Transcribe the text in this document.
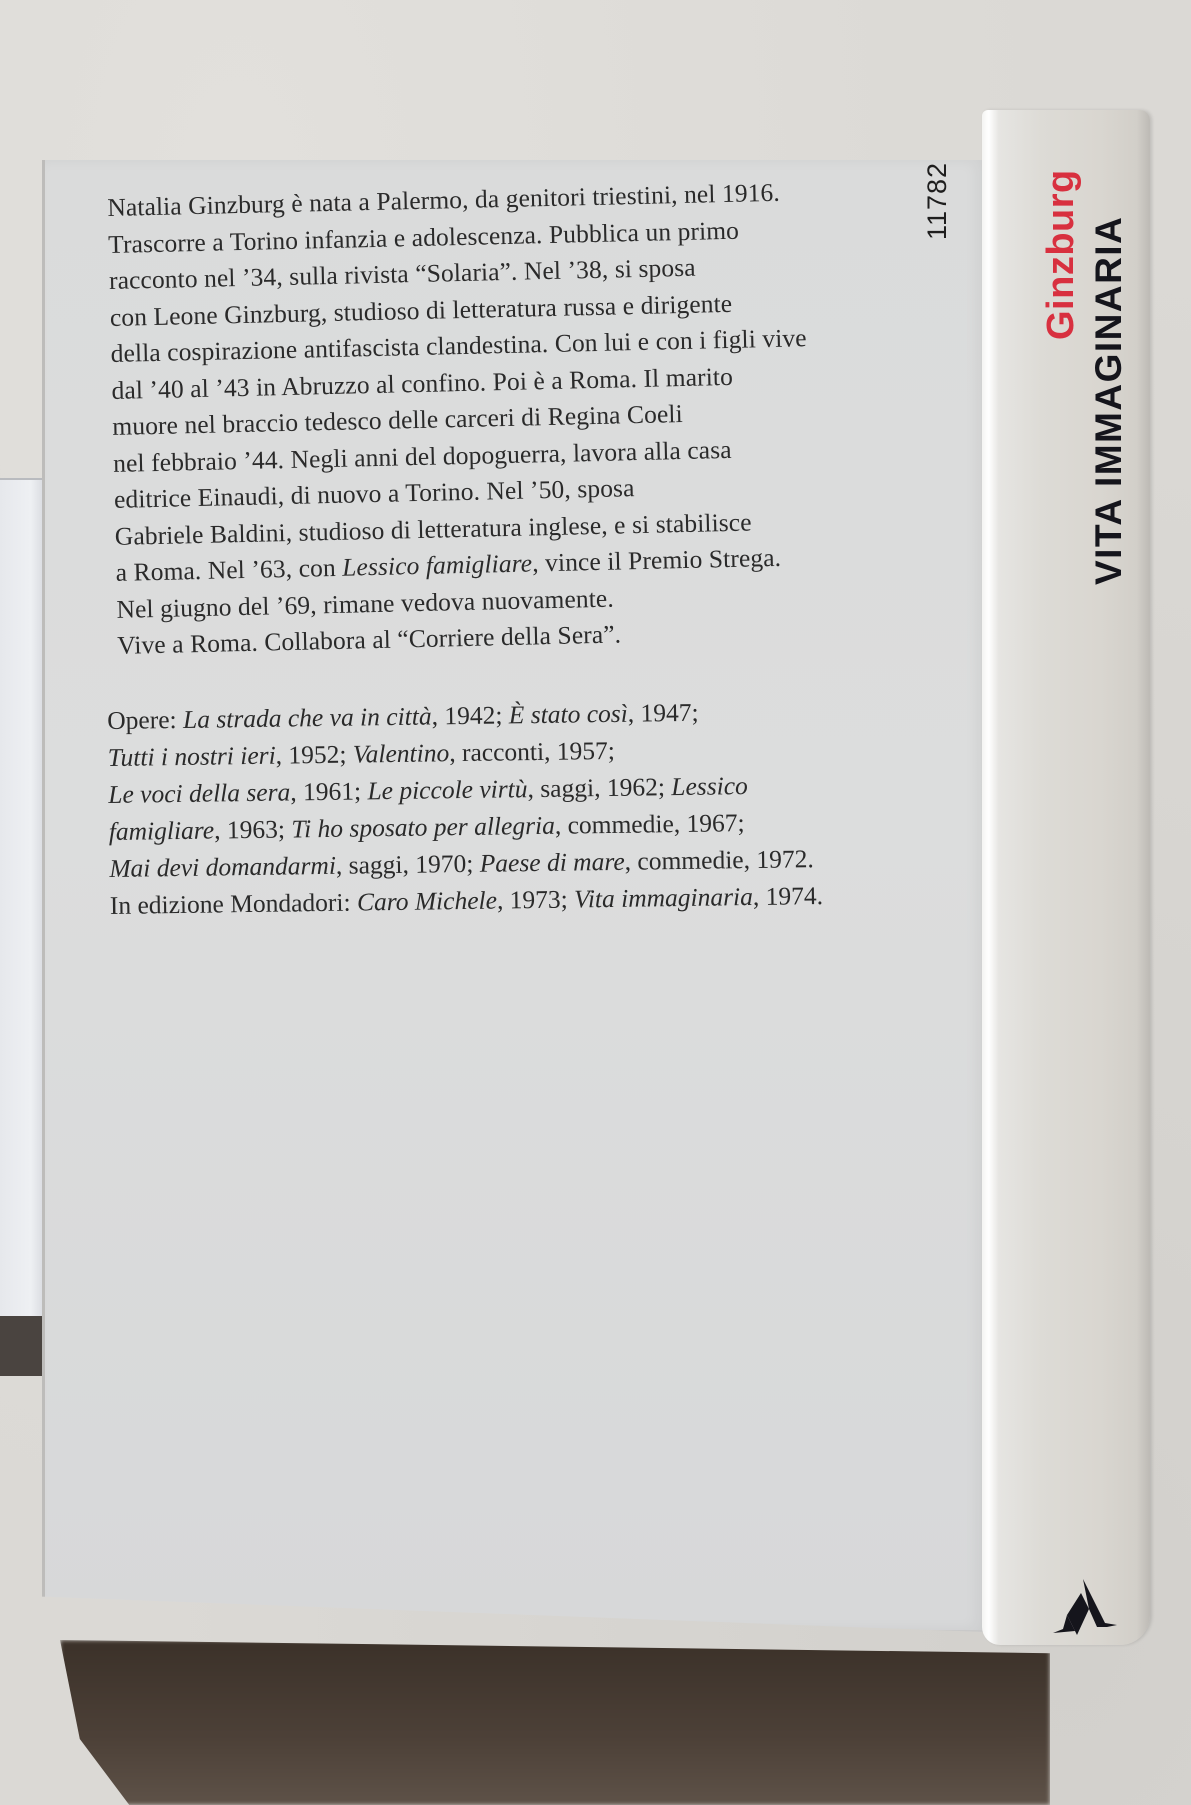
Natalia Ginzburg è nata a Palermo, da genitori triestini, nel 1916.

Trascorre a Torino infanzia e adolescenza. Pubblica un primo

racconto nel ’34, sulla rivista “Solaria”. Nel ’38, si sposa

con Leone Ginzburg, studioso di letteratura russa e dirigente

della cospirazione antifascista clandestina. Con lui e con i figli vive

dal ’40 al ’43 in Abruzzo al confino. Poi è a Roma. Il marito

muore nel braccio tedesco delle carceri di Regina Coeli

nel febbraio ’44. Negli anni del dopoguerra, lavora alla casa

editrice Einaudi, di nuovo a Torino. Nel ’50, sposa

Gabriele Baldini, studioso di letteratura inglese, e si stabilisce

a Roma. Nel ’63, con Lessico famigliare, vince il Premio Strega.

Nel giugno del ’69, rimane vedova nuovamente.

Vive a Roma. Collabora al “Corriere della Sera”.

Opere: La strada che va in città, 1942; È stato così, 1947;

Tutti i nostri ieri, 1952; Valentino, racconti, 1957;

Le voci della sera, 1961; Le piccole virtù, saggi, 1962; Lessico

famigliare, 1963; Ti ho sposato per allegria, commedie, 1967;

Mai devi domandarmi, saggi, 1970; Paese di mare, commedie, 1972.

In edizione Mondadori: Caro Michele, 1973; Vita immaginaria, 1974.

11782 Ginzburg VITA IMMAGINARIA
